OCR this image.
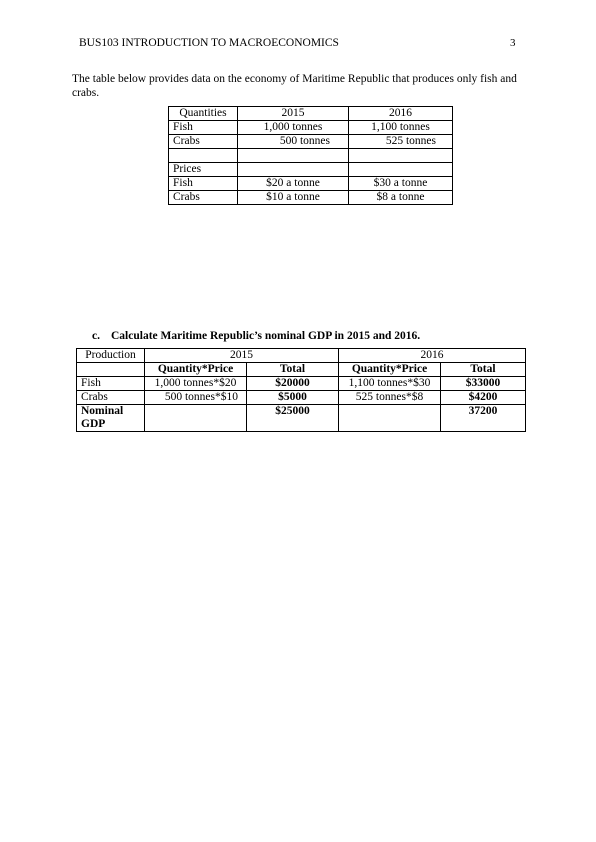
BUS103 INTRODUCTION TO MACROECONOMICS	3
The table below provides data on the economy of Maritime Republic that produces only fish and crabs.
Quantities	2015	2016
Fish	1,000 tonnes	1,100 tonnes
Crabs	500 tonnes	525 tonnes

Prices		
Fish	$20 a tonne	$30 a tonne
Crabs	$10 a tonne	$8 a tonne
c. Calculate Maritime Republic’s nominal GDP in 2015 and 2016.
Production	2015		2016	
	Quantity*Price	Total	Quantity*Price	Total
Fish	1,000 tonnes*$20	$20000	1,100 tonnes*$30	$33000
Crabs	500 tonnes*$10	$5000	525 tonnes*$8	$4200
Nominal GDP		$25000		37200
